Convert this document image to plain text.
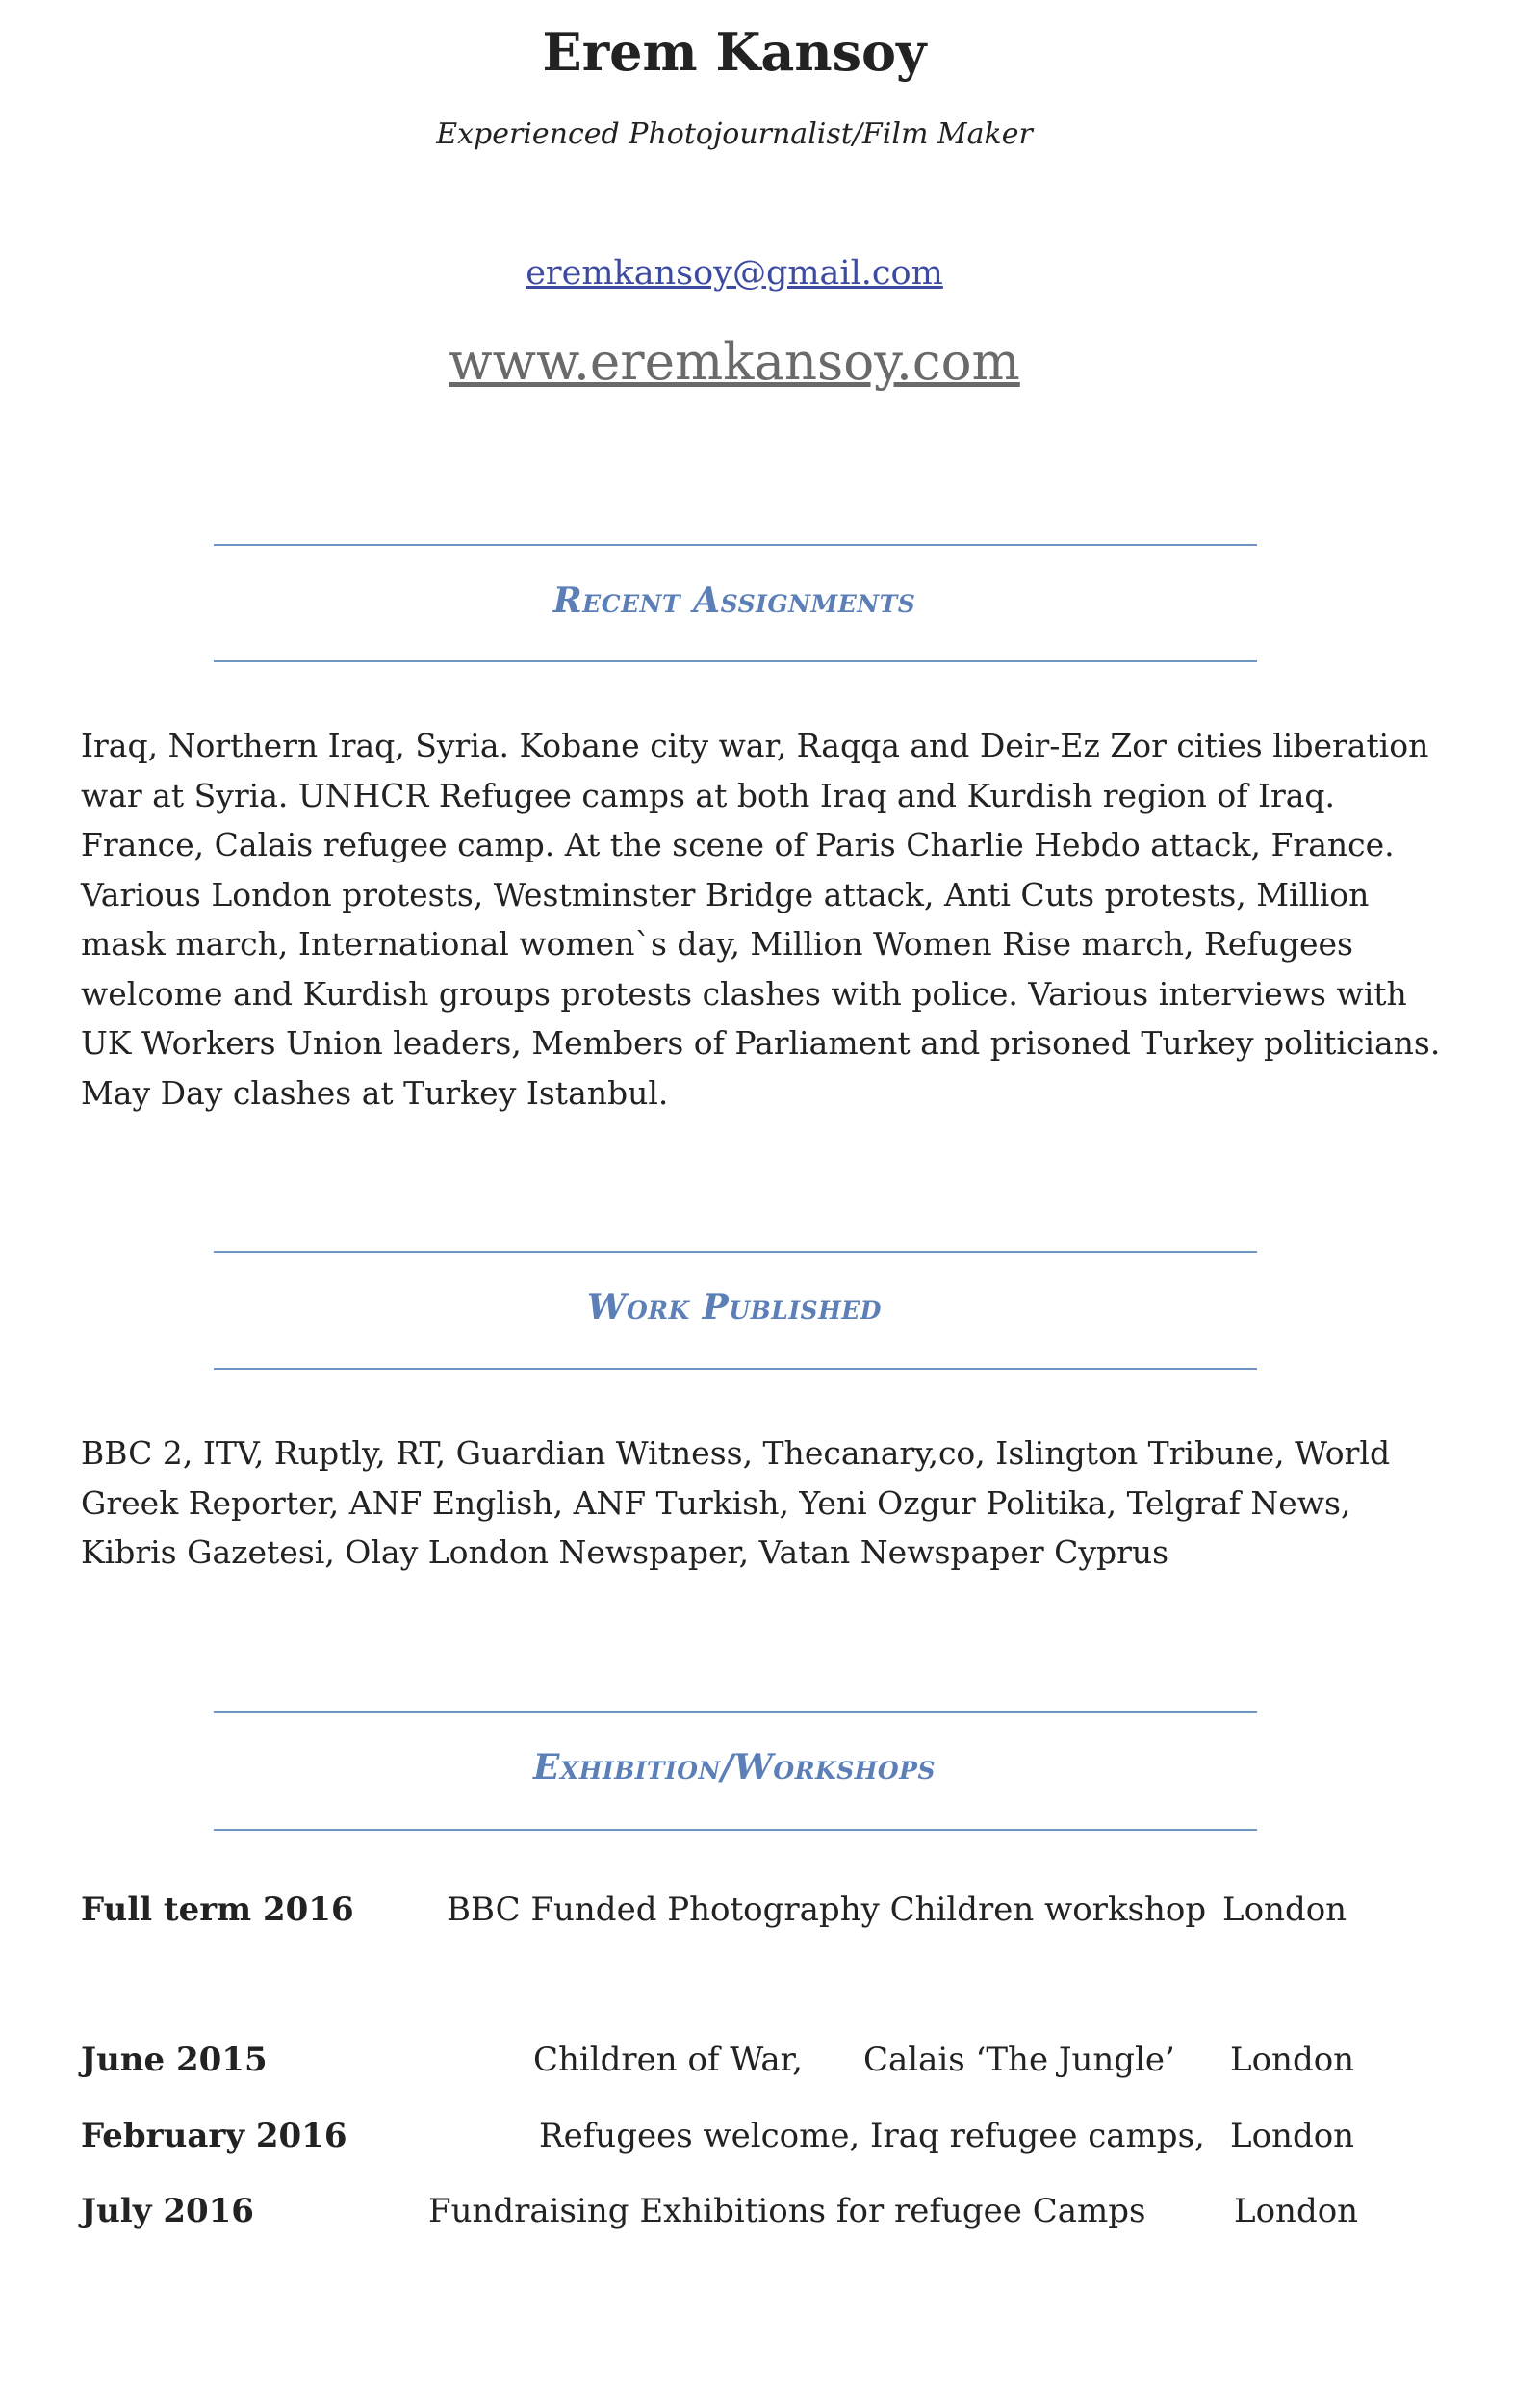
Erem Kansoy
Experienced Photojournalist/Film Maker
eremkansoy@gmail.com
www.eremkansoy.com
Recent Assignments
Iraq, Northern Iraq, Syria. Kobane city war, Raqqa and Deir-Ez Zor cities liberation war at Syria. UNHCR Refugee camps at both Iraq and Kurdish region of Iraq. France, Calais refugee camp. At the scene of Paris Charlie Hebdo attack, France. Various London protests, Westminster Bridge attack, Anti Cuts protests, Million mask march, International women`s day, Million Women Rise march, Refugees welcome and Kurdish groups protests clashes with police. Various interviews with UK Workers Union leaders, Members of Parliament and prisoned Turkey politicians. May Day clashes at Turkey Istanbul.
Work Published
BBC 2, ITV, Ruptly, RT, Guardian Witness, Thecanary,co, Islington Tribune, World Greek Reporter, ANF English, ANF Turkish, Yeni Ozgur Politika, Telgraf News, Kibris Gazetesi, Olay London Newspaper, Vatan Newspaper Cyprus
Exhibition/Workshops
Full term 2016	BBC Funded Photography Children workshop London
June 2015	Children of War, Calais ‘The Jungle’ London
February 2016	Refugees welcome, Iraq refugee camps, London
July 2016	Fundraising Exhibitions for refugee Camps	London
